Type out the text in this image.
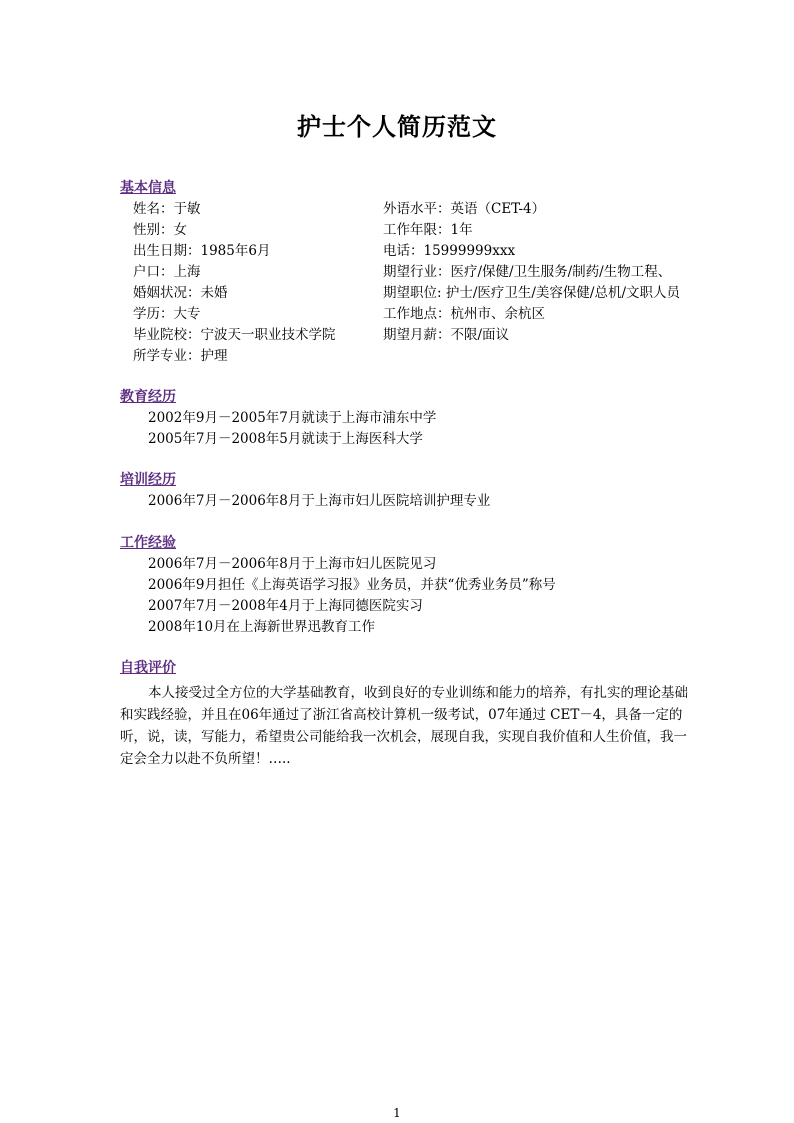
护士个人简历范文
基本信息
姓名：于敏
性别：女
出生日期：1985年6月
户口：上海
婚姻状况：未婚
学历：大专
毕业院校：宁波天一职业技术学院
所学专业：护理
外语水平：英语（CET-4）
工作年限：1年
电话：15999999xxx
期望行业：医疗/保健/卫生服务/制药/生物工程、
期望职位: 护士/医疗卫生/美容保健/总机/文职人员
工作地点：杭州市、余杭区
期望月薪：不限/面议
教育经历
2002年9月－2005年7月就读于上海市浦东中学
2005年7月－2008年5月就读于上海医科大学
培训经历
2006年7月－2006年8月于上海市妇儿医院培训护理专业
工作经验
2006年7月－2006年8月于上海市妇儿医院见习
2006年9月担任《上海英语学习报》业务员，并获“优秀业务员”称号
2007年7月－2008年4月于上海同德医院实习
2008年10月在上海新世界迅教育工作
自我评价

本人接受过全方位的大学基础教育，收到良好的专业训练和能力的培养，有扎实的理论基础和实践经验，并且在06年通过了浙江省高校计算机一级考试，07年通过 CET－4，具备一定的听，说，读，写能力，希望贵公司能给我一次机会，展现自我，实现自我价值和人生价值，我一定会全力以赴不负所望！…..

1
